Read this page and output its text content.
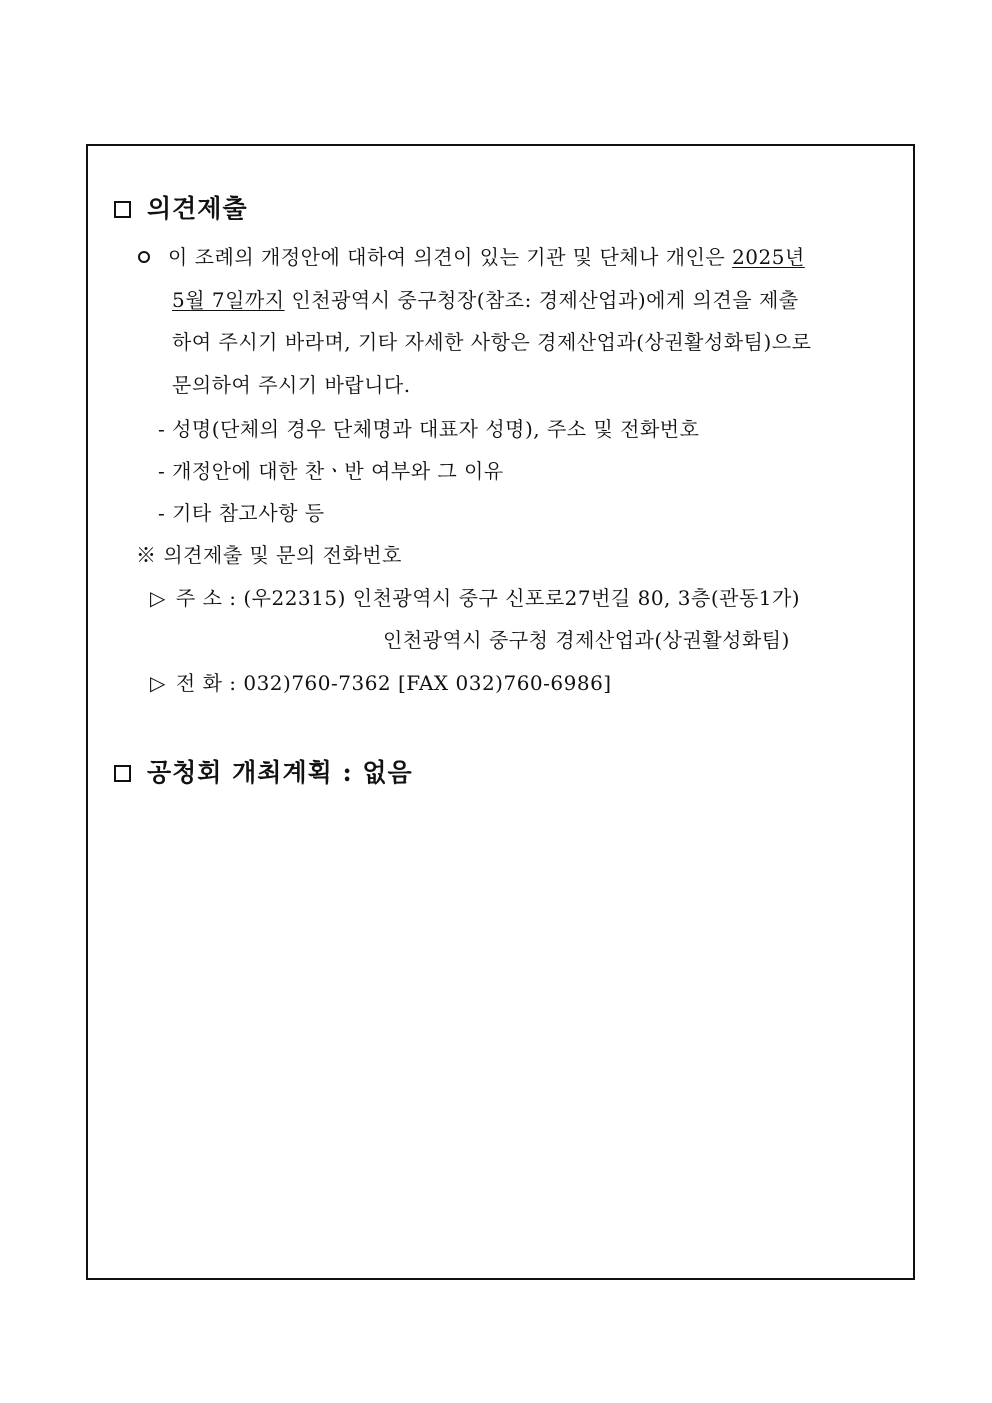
의견제출
이 조례의 개정안에 대하여 의견이 있는 기관 및 단체나 개인은 2025년
5월 7일까지 인천광역시 중구청장(참조: 경제산업과)에게 의견을 제출
하여 주시기 바라며, 기타 자세한 사항은 경제산업과(상권활성화팀)으로
문의하여 주시기 바랍니다.
- 성명(단체의 경우 단체명과 대표자 성명), 주소 및 전화번호
- 개정안에 대한 찬ㆍ반 여부와 그 이유
- 기타 참고사항 등
※ 의견제출 및 문의 전화번호
▷ 주 소 : (우22315) 인천광역시 중구 신포로27번길 80, 3층(관동1가)
인천광역시 중구청 경제산업과(상권활성화팀)
▷ 전 화 : 032)760-7362 [FAX 032)760-6986]
공청회 개최계획 : 없음
